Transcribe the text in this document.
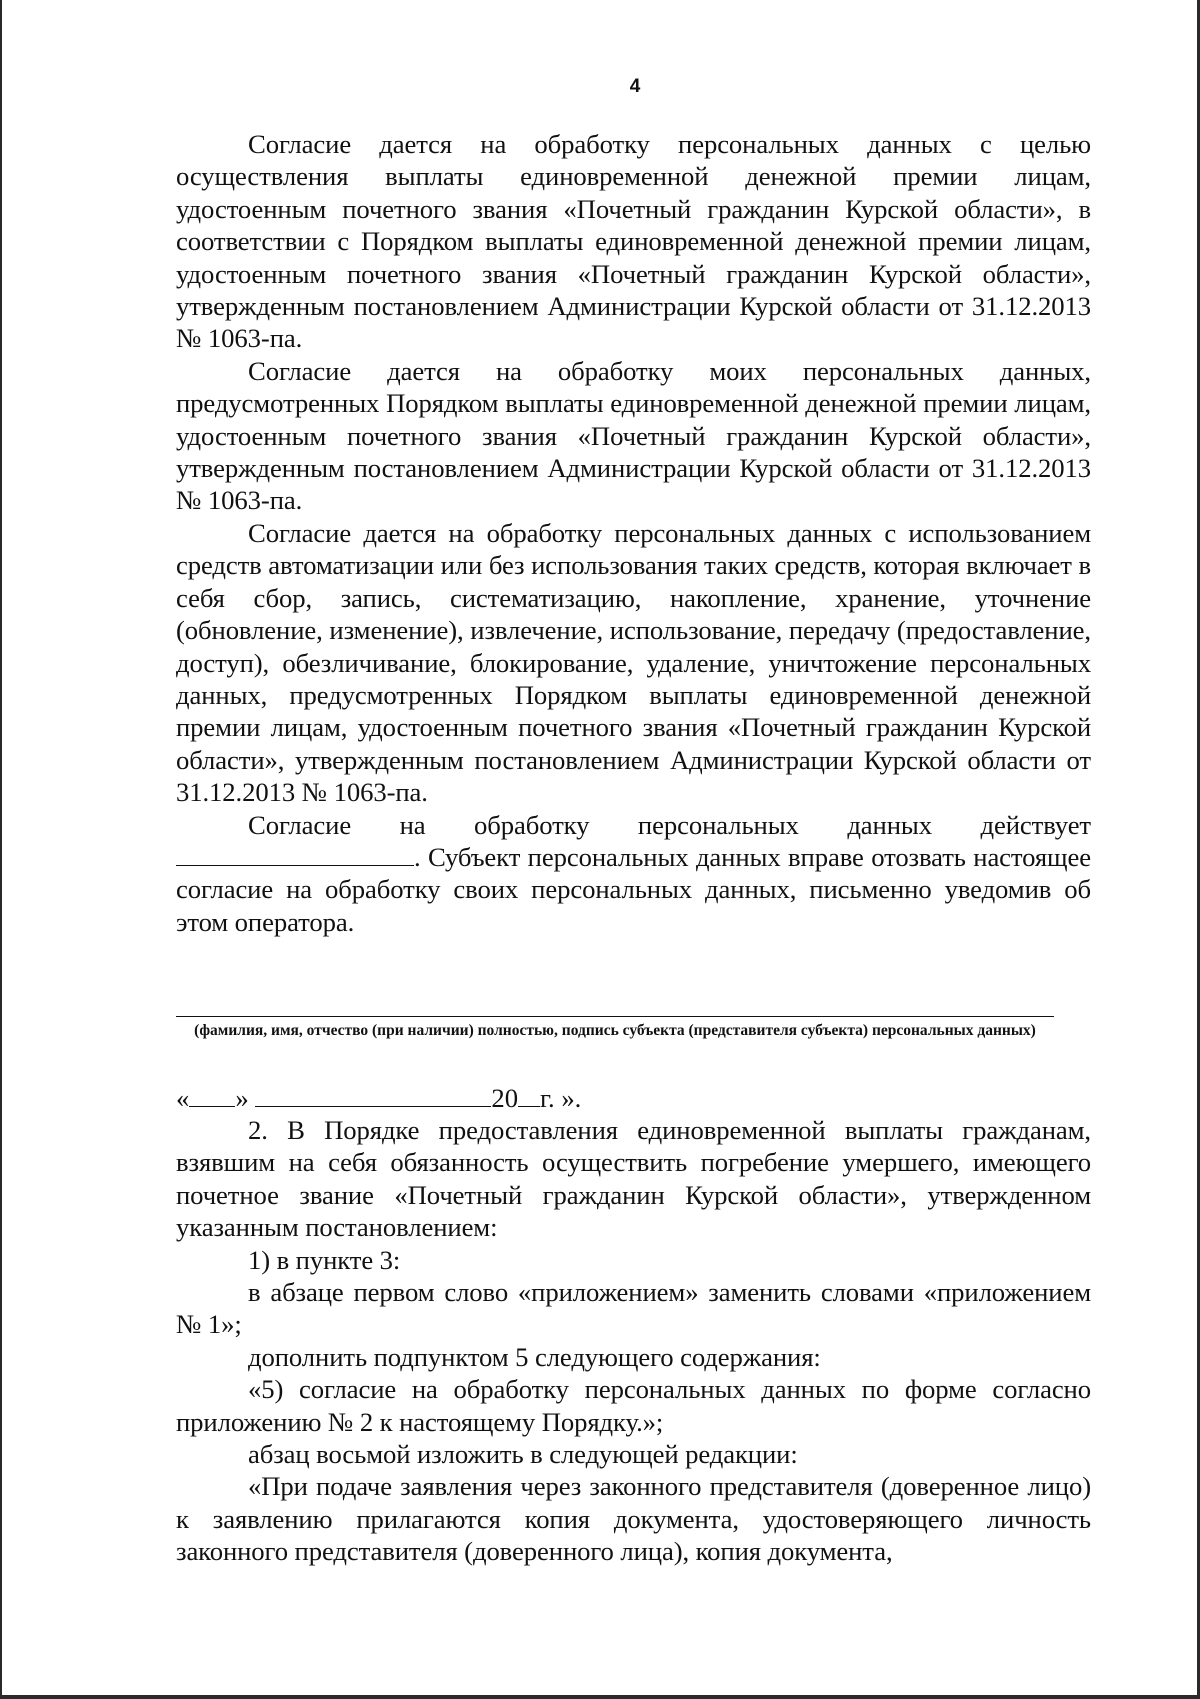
4

Согласие дается на обработку персональных данных с целью осуществления выплаты единовременной денежной премии лицам, удостоенным почетного звания «Почетный гражданин Курской области», в соответствии с Порядком выплаты единовременной денежной премии лицам, удостоенным почетного звания «Почетный гражданин Курской области», утвержденным постановлением Администрации Курской области от 31.12.2013 № 1063-па.

Согласие дается на обработку моих персональных данных, предусмотренных Порядком выплаты единовременной денежной премии лицам, удостоенным почетного звания «Почетный гражданин Курской области», утвержденным постановлением Администрации Курской области от 31.12.2013 № 1063-па.

Согласие дается на обработку персональных данных с использованием средств автоматизации или без использования таких средств, которая включает в себя сбор, запись, систематизацию, накопление, хранение, уточнение (обновление, изменение), извлечение, использование, передачу (предоставление, доступ), обезличивание, блокирование, удаление, уничтожение персональных данных, предусмотренных Порядком выплаты единовременной денежной премии лицам, удостоенным почетного звания «Почетный гражданин Курской области», утвержденным постановлением Администрации Курской области от 31.12.2013 № 1063-па.

Согласие на обработку персональных данных действует . Субъект персональных данных вправе отозвать настоящее согласие на обработку своих персональных данных, письменно уведомив об этом оператора.

(фамилия, имя, отчество (при наличии) полностью, подпись субъекта (представителя субъекта) персональных данных)
« »	20 г. ».

2. В Порядке предоставления единовременной выплаты гражданам, взявшим на себя обязанность осуществить погребение умершего, имеющего почетное звание «Почетный гражданин Курской области», утвержденном указанным постановлением:

1) в пункте 3:

в абзаце первом слово «приложением» заменить словами «приложением № 1»;

дополнить подпунктом 5 следующего содержания:

«5) согласие на обработку персональных данных по форме согласно приложению № 2 к настоящему Порядку.»;

абзац восьмой изложить в следующей редакции:

«При подаче заявления через законного представителя (доверенное лицо) к заявлению прилагаются копия документа, удостоверяющего личность законного представителя (доверенного лица), копия документа,
